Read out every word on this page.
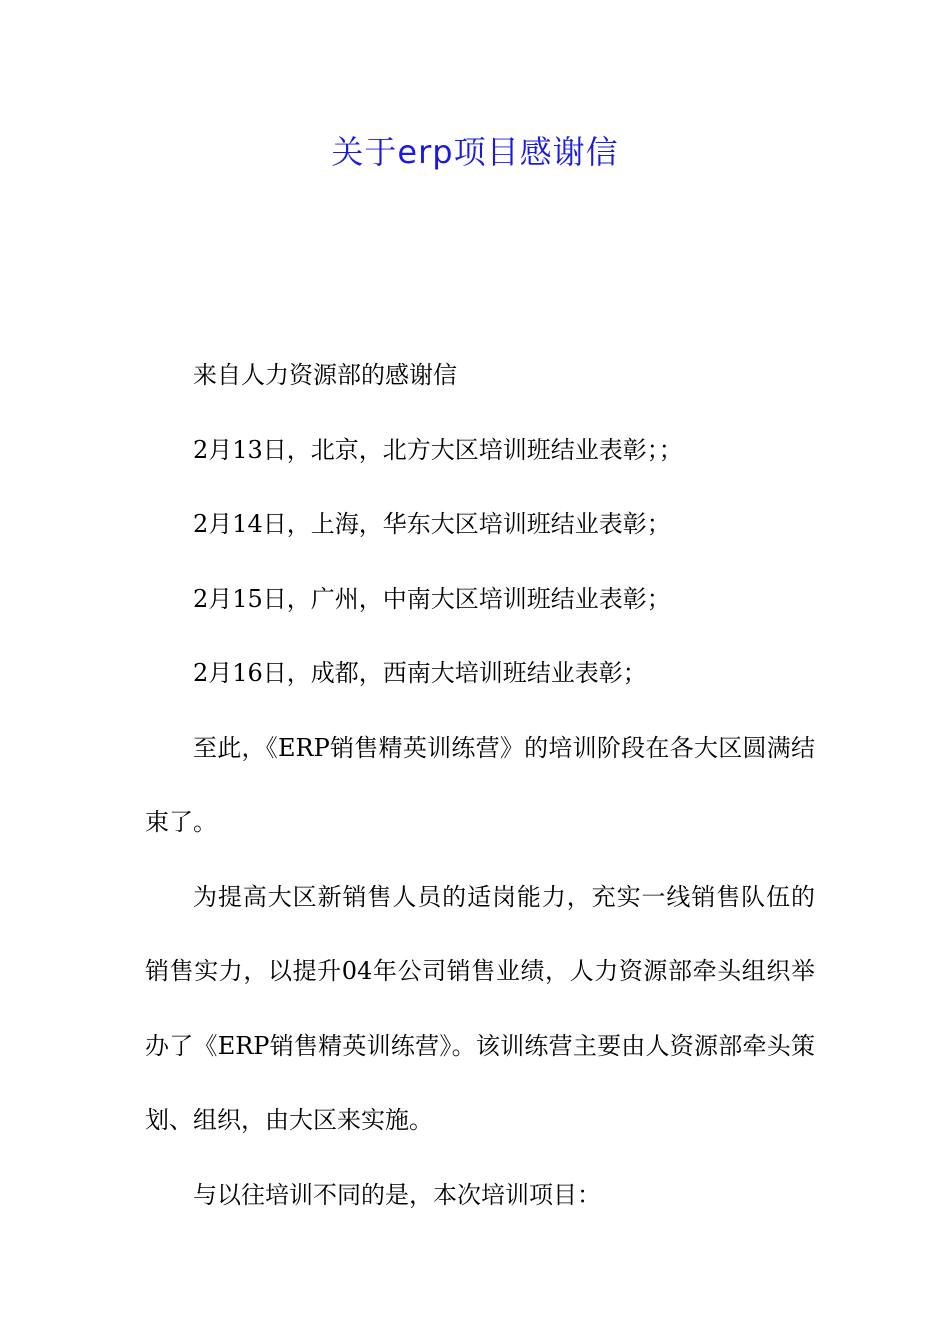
关于erp项目感谢信

来自人力资源部的感谢信

2月13日，北京，北方大区培训班结业表彰；；

2月14日，上海，华东大区培训班结业表彰；

2月15日，广州，中南大区培训班结业表彰；

2月16日，成都，西南大培训班结业表彰；

至此，《ERP销售精英训练营》的培训阶段在各大区圆满结束了。

为提高大区新销售人员的适岗能力，充实一线销售队伍的销售实力，以提升04年公司销售业绩，人力资源部牵头组织举办了《ERP销售精英训练营》。该训练营主要由人资源部牵头策划、组织，由大区来实施。

与以往培训不同的是，本次培训项目：
